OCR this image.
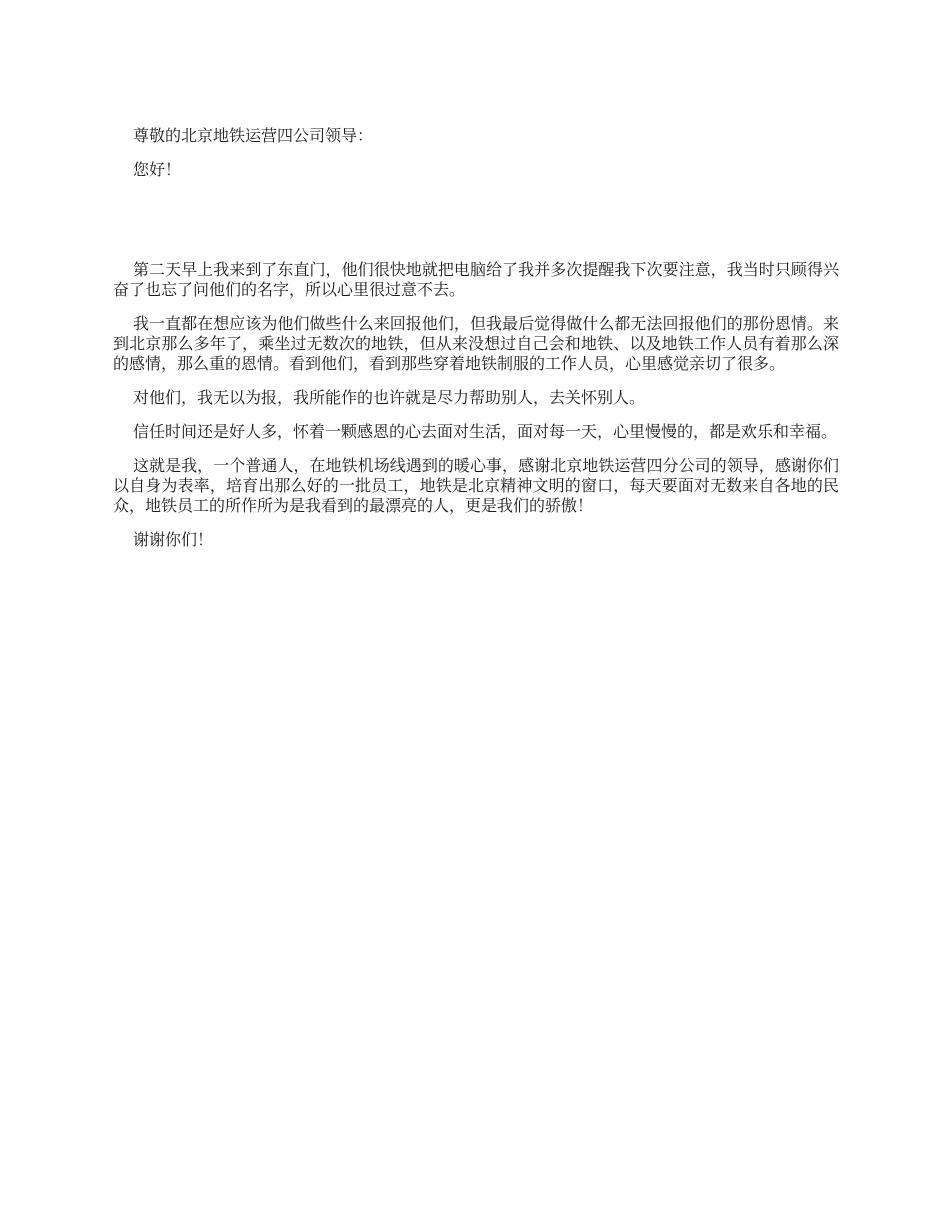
尊敬的北京地铁运营四公司领导：

您好！

第二天早上我来到了东直门，他们很快地就把电脑给了我并多次提醒我下次要注意，我当时只顾得兴奋了也忘了问他们的名字，所以心里很过意不去。

我一直都在想应该为他们做些什么来回报他们，但我最后觉得做什么都无法回报他们的那份恩情。来到北京那么多年了，乘坐过无数次的地铁，但从来没想过自己会和地铁、以及地铁工作人员有着那么深的感情，那么重的恩情。看到他们，看到那些穿着地铁制服的工作人员，心里感觉亲切了很多。

对他们，我无以为报，我所能作的也许就是尽力帮助别人，去关怀别人。

信任时间还是好人多，怀着一颗感恩的心去面对生活，面对每一天，心里慢慢的，都是欢乐和幸福。

这就是我，一个普通人，在地铁机场线遇到的暖心事，感谢北京地铁运营四分公司的领导，感谢你们以自身为表率，培育出那么好的一批员工，地铁是北京精神文明的窗口，每天要面对无数来自各地的民众，地铁员工的所作所为是我看到的最漂亮的人，更是我们的骄傲！

谢谢你们！
